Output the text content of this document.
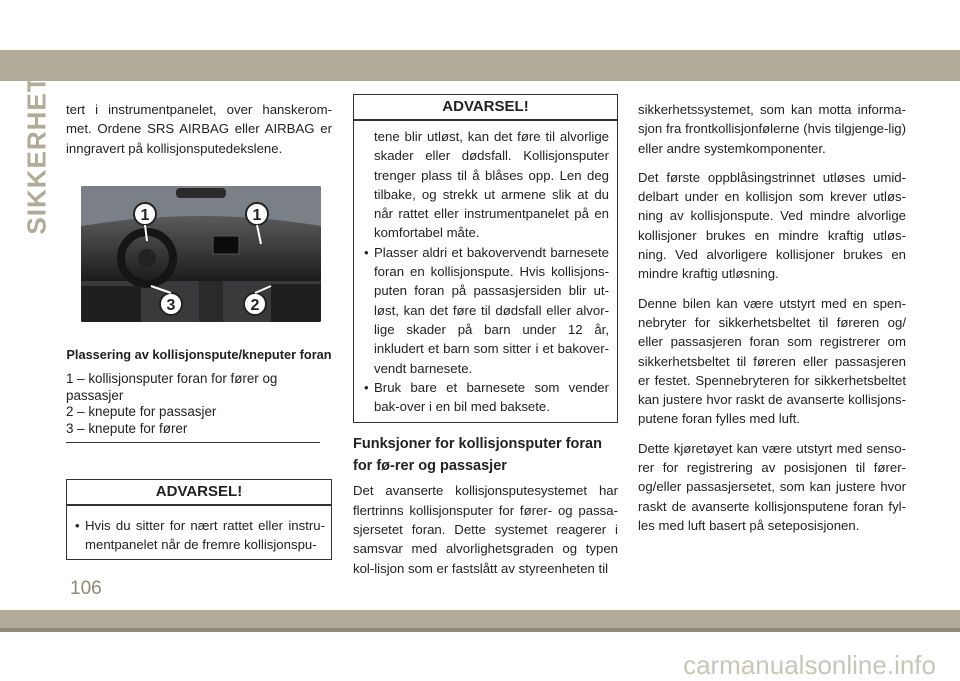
SIKKERHET tert i instrumentpanelet, over hanskerom-met. Ordene SRS AIRBAG eller AIRBAG er inngravert på kollisjonsputedekslene.

1	1
3	2
Plassering av kollisjonspute/kneputer foran
1 – kollisjonsputer foran for fører og passasjer
2 – knepute for passasjer
3 – knepute for fører
ADVARSEL!
• Hvis du sitter for nært rattet eller instru-mentpanelet når de fremre kollisjonspu-
ADVARSEL!
tene blir utløst, kan det føre til alvorlige skader eller dødsfall. Kollisjonsputer trenger plass til å blåses opp. Len deg tilbake, og strekk ut armene slik at du når rattet eller instrumentpanelet på en komfortabel måte.
• Plasser aldri et bakovervendt barnesete foran en kollisjonspute. Hvis kollisjons-puten foran på passasjersiden blir ut-løst, kan det føre til dødsfall eller alvor-lige skader på barn under 12 år, inkludert et barn som sitter i et bakover-vendt barnesete.
• Bruk bare et barnesete som vender bak-over i en bil med baksete.
Funksjoner for kollisjonsputer foran for fø-rer og passasjer

Det avanserte kollisjonsputesystemet har flertrinns kollisjonsputer for fører- og passa-sjersetet foran. Dette systemet reagerer i samsvar med alvorlighetsgraden og typen kol-lisjon som er fastslått av styreenheten til

sikkerhetssystemet, som kan motta informa-sjon fra frontkollisjonfølerne (hvis tilgjenge-lig) eller andre systemkomponenter.

Det første oppblåsingstrinnet utløses umid-delbart under en kollisjon som krever utløs-ning av kollisjonspute. Ved mindre alvorlige kollisjoner brukes en mindre kraftig utløs-ning. Ved alvorligere kollisjoner brukes en mindre kraftig utløsning.

Denne bilen kan være utstyrt med en spen-nebryter for sikkerhetsbeltet til føreren og/ eller passasjeren foran som registrerer om sikkerhetsbeltet til føreren eller passasjeren er festet. Spennebryteren for sikkerhetsbeltet kan justere hvor raskt de avanserte kollisjons-putene foran fylles med luft.

Dette kjøretøyet kan være utstyrt med senso-rer for registrering av posisjonen til fører-og/eller passasjersetet, som kan justere hvor raskt de avanserte kollisjonsputene foran fyl-les med luft basert på seteposisjonen.

106
carmanualsonline.info
